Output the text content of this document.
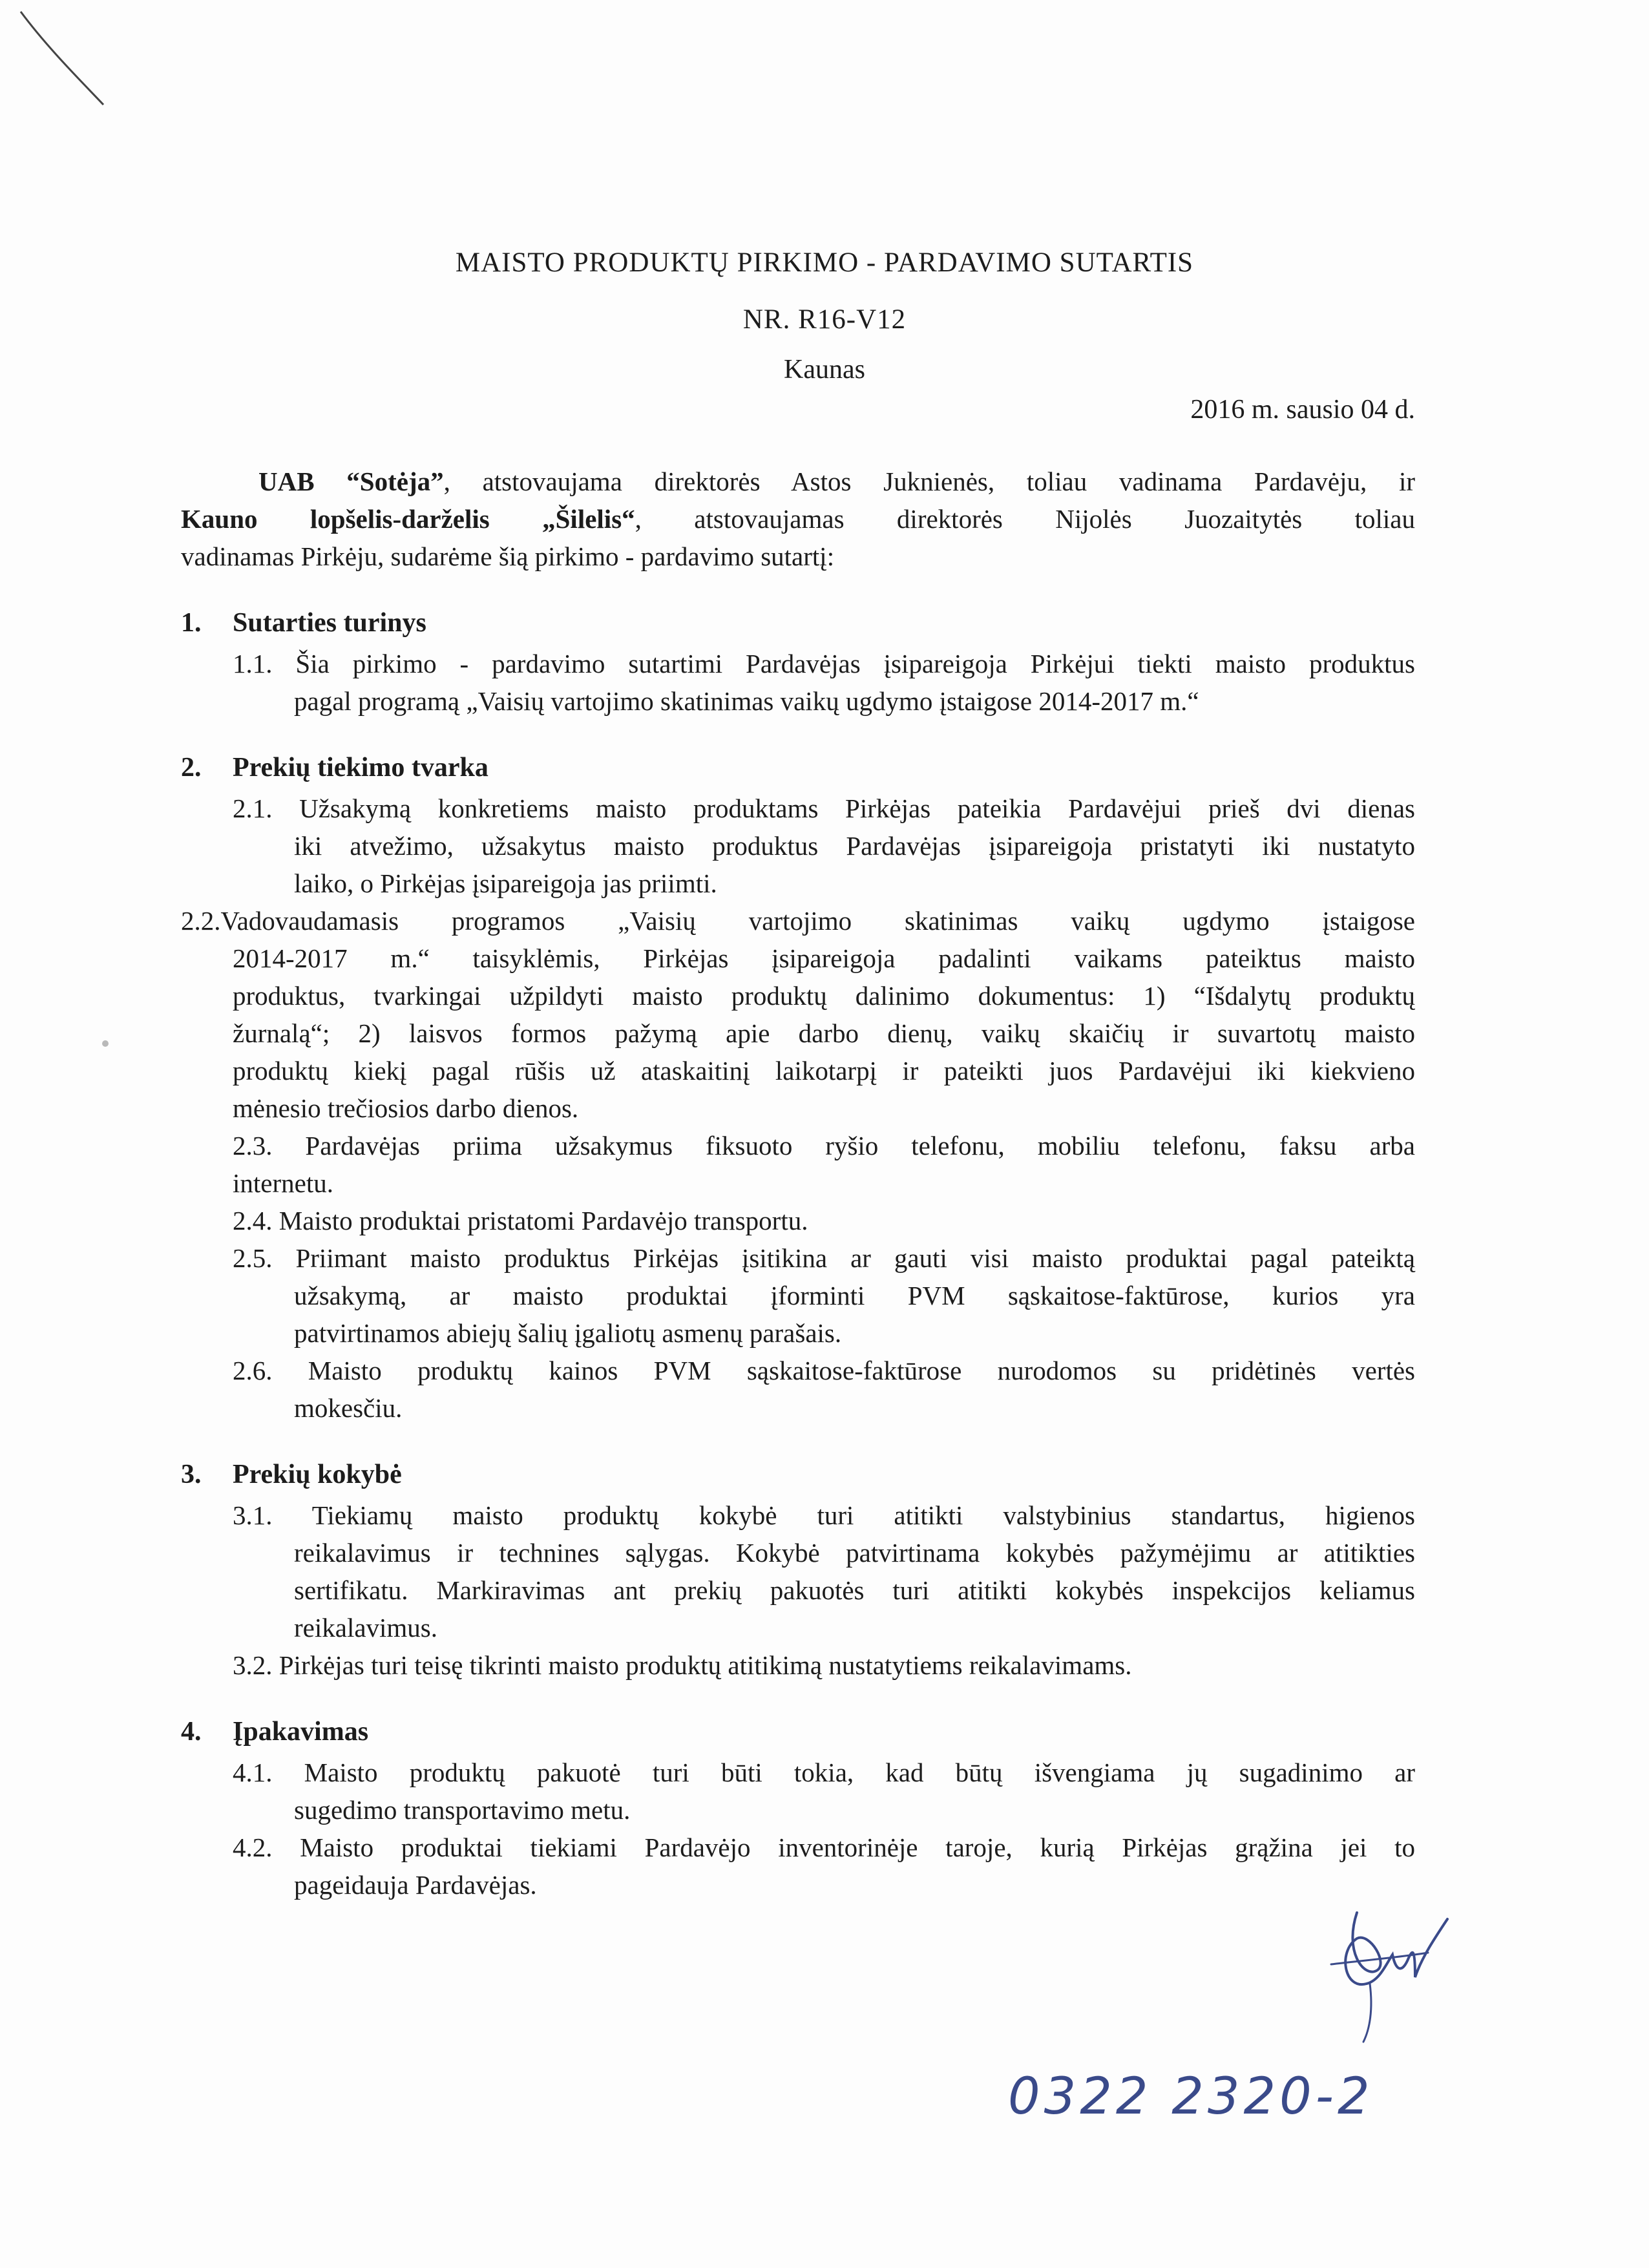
MAISTO PRODUKTŲ PIRKIMO - PARDAVIMO SUTARTIS
NR. R16-V12
Kaunas
2016 m. sausio 04 d.
UAB “Sotėja”, atstovaujama direktorės Astos Juknienės, toliau vadinama Pardavėju, ir
Kauno lopšelis-darželis „Šilelis“, atstovaujamas direktorės Nijolės Juozaitytės toliau
vadinamas Pirkėju, sudarėme šią pirkimo - pardavimo sutartį:
1. Sutarties turinys
1.1. Šia pirkimo - pardavimo sutartimi Pardavėjas įsipareigoja Pirkėjui tiekti maisto produktus
pagal programą „Vaisių vartojimo skatinimas vaikų ugdymo įstaigose 2014-2017 m.“
2. Prekių tiekimo tvarka
2.1. Užsakymą konkretiems maisto produktams Pirkėjas pateikia Pardavėjui prieš dvi dienas
iki atvežimo, užsakytus maisto produktus Pardavėjas įsipareigoja pristatyti iki nustatyto
laiko, o Pirkėjas įsipareigoja jas priimti.
2.2.Vadovaudamasis programos „Vaisių vartojimo skatinimas vaikų ugdymo įstaigose
2014-2017 m.“ taisyklėmis, Pirkėjas įsipareigoja padalinti vaikams pateiktus maisto
produktus, tvarkingai užpildyti maisto produktų dalinimo dokumentus: 1) “Išdalytų produktų
žurnalą“; 2) laisvos formos pažymą apie darbo dienų, vaikų skaičių ir suvartotų maisto
produktų kiekį pagal rūšis už ataskaitinį laikotarpį ir pateikti juos Pardavėjui iki kiekvieno
mėnesio trečiosios darbo dienos.
2.3. Pardavėjas priima užsakymus fiksuoto ryšio telefonu, mobiliu telefonu, faksu arba
internetu.
2.4. Maisto produktai pristatomi Pardavėjo transportu.
2.5. Priimant maisto produktus Pirkėjas įsitikina ar gauti visi maisto produktai pagal pateiktą
užsakymą, ar maisto produktai įforminti PVM sąskaitose-faktūrose, kurios yra
patvirtinamos abiejų šalių įgaliotų asmenų parašais.
2.6. Maisto produktų kainos PVM sąskaitose-faktūrose nurodomos su pridėtinės vertės
mokesčiu.
3. Prekių kokybė
3.1. Tiekiamų maisto produktų kokybė turi atitikti valstybinius standartus, higienos
reikalavimus ir technines sąlygas. Kokybė patvirtinama kokybės pažymėjimu ar atitikties
sertifikatu. Markiravimas ant prekių pakuotės turi atitikti kokybės inspekcijos keliamus
reikalavimus.
3.2. Pirkėjas turi teisę tikrinti maisto produktų atitikimą nustatytiems reikalavimams.
4. Įpakavimas
4.1. Maisto produktų pakuotė turi būti tokia, kad būtų išvengiama jų sugadinimo ar
sugedimo transportavimo metu.
4.2. Maisto produktai tiekiami Pardavėjo inventorinėje taroje, kurią Pirkėjas grąžina jei to
pageidauja Pardavėjas.
0322 2320-2
